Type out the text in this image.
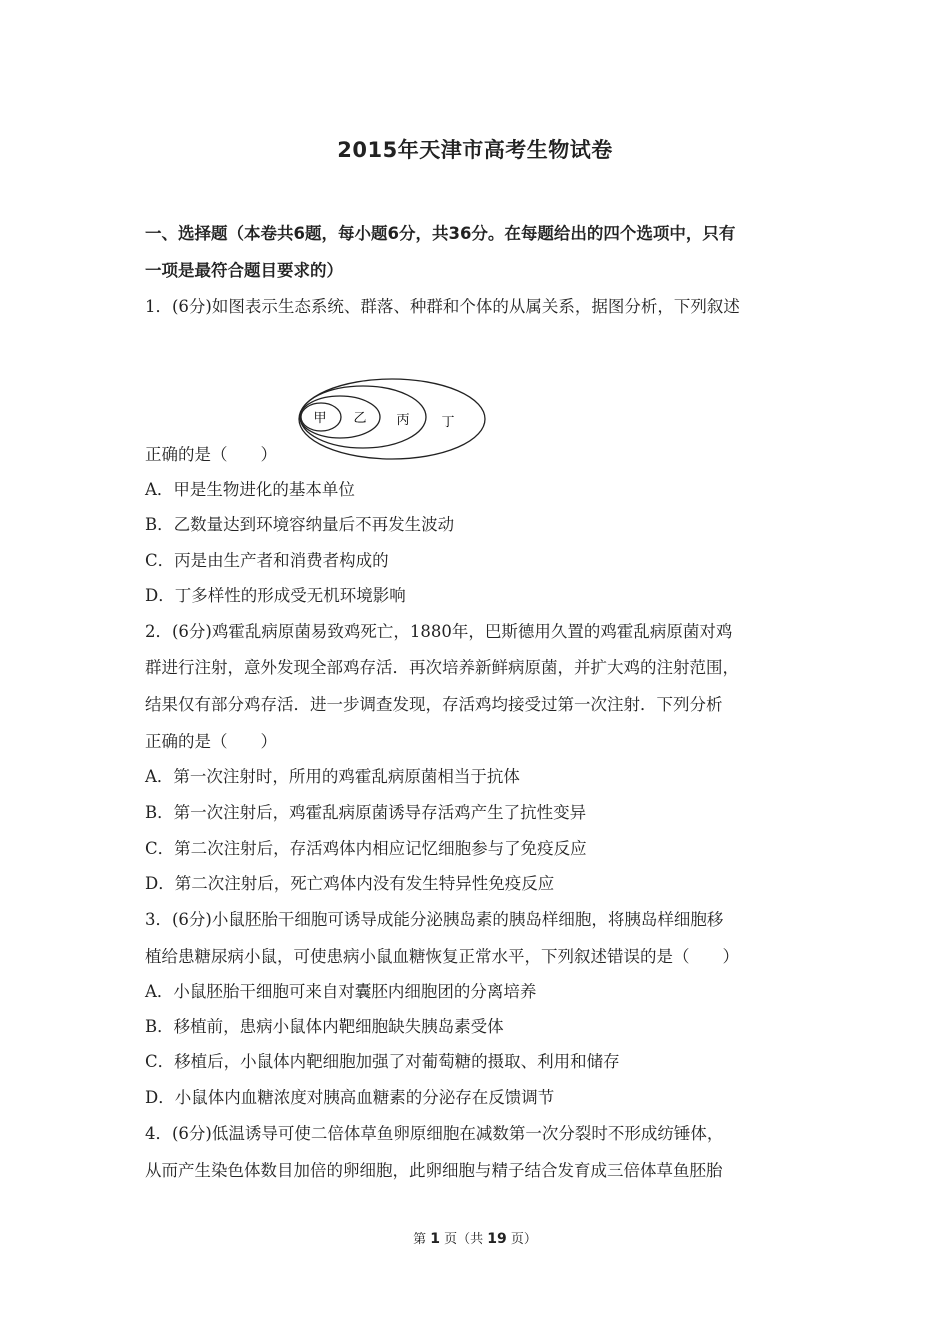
2015年天津市高考生物试卷
一、选择题（本卷共6题，每小题6分，共36分。在每题给出的四个选项中，只有
一项是最符合题目要求的）
1．(6分)如图表示生态系统、群落、种群和个体的从属关系，据图分析，下列叙述
甲 乙 丙 丁
正确的是（　　）
A．甲是生物进化的基本单位
B．乙数量达到环境容纳量后不再发生波动
C．丙是由生产者和消费者构成的
D．丁多样性的形成受无机环境影响
2．(6分)鸡霍乱病原菌易致鸡死亡，1880年，巴斯德用久置的鸡霍乱病原菌对鸡
群进行注射，意外发现全部鸡存活．再次培养新鲜病原菌，并扩大鸡的注射范围，
结果仅有部分鸡存活．进一步调查发现，存活鸡均接受过第一次注射．下列分析
正确的是（　　）
A．第一次注射时，所用的鸡霍乱病原菌相当于抗体
B．第一次注射后，鸡霍乱病原菌诱导存活鸡产生了抗性变异
C．第二次注射后，存活鸡体内相应记忆细胞参与了免疫反应
D．第二次注射后，死亡鸡体内没有发生特异性免疫反应
3．(6分)小鼠胚胎干细胞可诱导成能分泌胰岛素的胰岛样细胞，将胰岛样细胞移
植给患糖尿病小鼠，可使患病小鼠血糖恢复正常水平，下列叙述错误的是（　　）
A．小鼠胚胎干细胞可来自对囊胚内细胞团的分离培养
B．移植前，患病小鼠体内靶细胞缺失胰岛素受体
C．移植后，小鼠体内靶细胞加强了对葡萄糖的摄取、利用和储存
D．小鼠体内血糖浓度对胰高血糖素的分泌存在反馈调节
4．(6分)低温诱导可使二倍体草鱼卵原细胞在减数第一次分裂时不形成纺锤体，
从而产生染色体数目加倍的卵细胞，此卵细胞与精子结合发育成三倍体草鱼胚胎
第 1 页（共 19 页）
